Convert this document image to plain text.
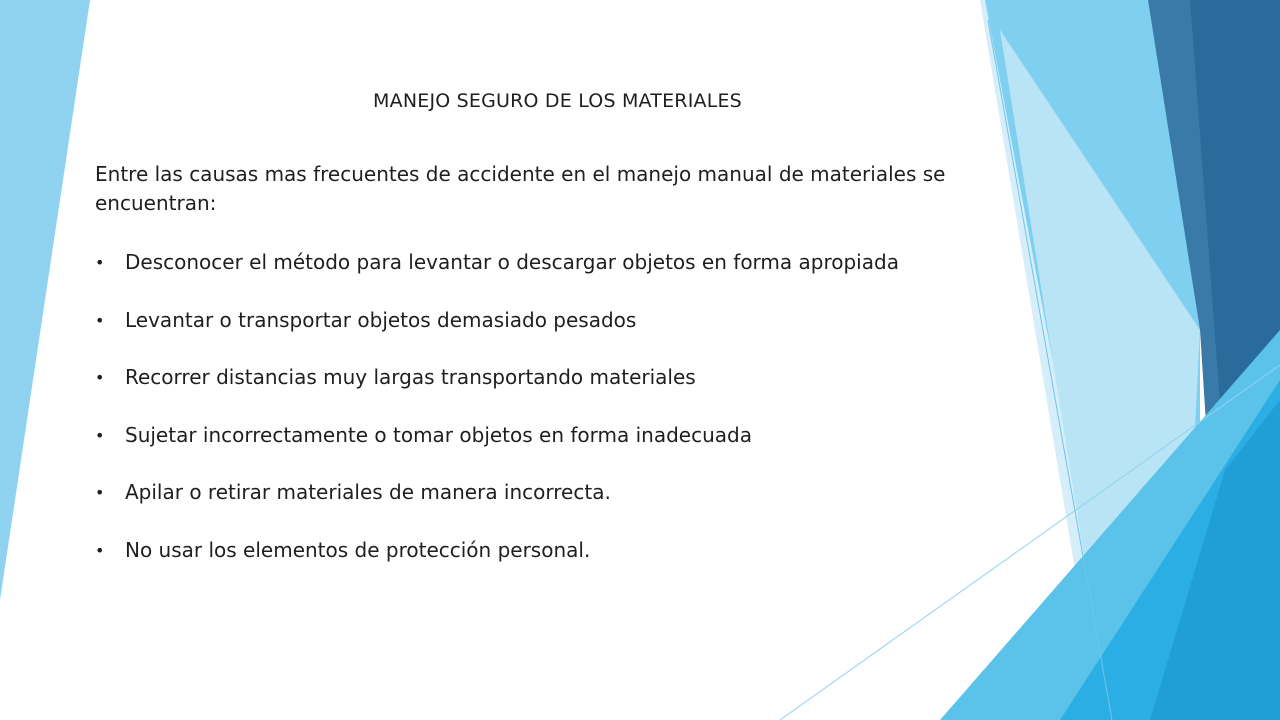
MANEJO SEGURO DE LOS MATERIALES

Entre las causas mas frecuentes de accidente en el manejo manual de materiales se encuentran:

• Desconocer el método para levantar o descargar objetos en forma apropiada
• Levantar o transportar objetos demasiado pesados
• Recorrer distancias muy largas transportando materiales
• Sujetar incorrectamente o tomar objetos en forma inadecuada
• Apilar o retirar materiales de manera incorrecta.
• No usar los elementos de protección personal.
